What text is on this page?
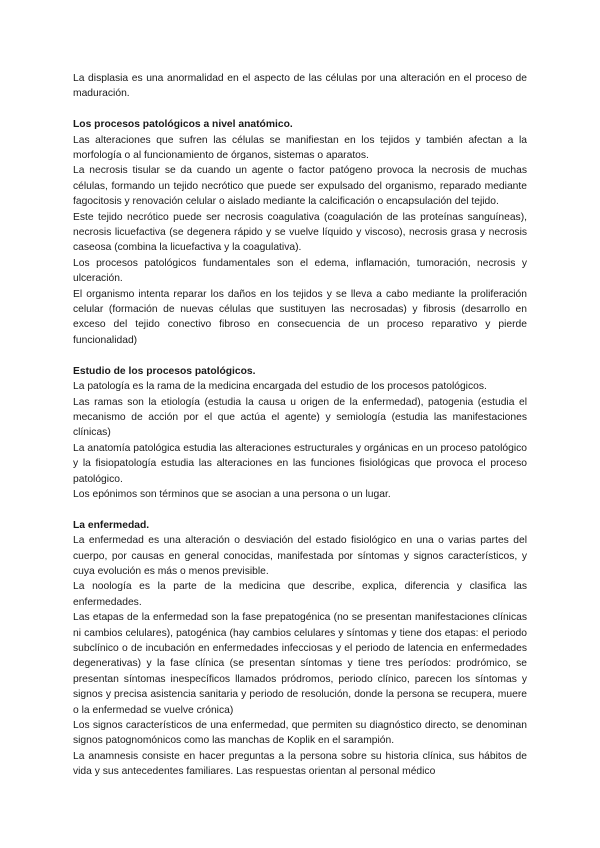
La displasia es una anormalidad en el aspecto de las células por una alteración en el proceso de maduración.

Los procesos patológicos a nivel anatómico.

Las alteraciones que sufren las células se manifiestan en los tejidos y también afectan a la morfología o al funcionamiento de órganos, sistemas o aparatos.

La necrosis tisular se da cuando un agente o factor patógeno provoca la necrosis de muchas células, formando un tejido necrótico que puede ser expulsado del organismo, reparado mediante fagocitosis y renovación celular o aislado mediante la calcificación o encapsulación del tejido.

Este tejido necrótico puede ser necrosis coagulativa (coagulación de las proteínas sanguíneas), necrosis licuefactiva (se degenera rápido y se vuelve líquido y viscoso), necrosis grasa y necrosis caseosa (combina la licuefactiva y la coagulativa).

Los procesos patológicos fundamentales son el edema, inflamación, tumoración, necrosis y ulceración.

El organismo intenta reparar los daños en los tejidos y se lleva a cabo mediante la proliferación celular (formación de nuevas células que sustituyen las necrosadas) y fibrosis (desarrollo en exceso del tejido conectivo fibroso en consecuencia de un proceso reparativo y pierde funcionalidad)

Estudio de los procesos patológicos.

La patología es la rama de la medicina encargada del estudio de los procesos patológicos.

Las ramas son la etiología (estudia la causa u origen de la enfermedad), patogenia (estudia el mecanismo de acción por el que actúa el agente) y semiología (estudia las manifestaciones clínicas)

La anatomía patológica estudia las alteraciones estructurales y orgánicas en un proceso patológico y la fisiopatología estudia las alteraciones en las funciones fisiológicas que provoca el proceso patológico.

Los epónimos son términos que se asocian a una persona o un lugar.

La enfermedad.

La enfermedad es una alteración o desviación del estado fisiológico en una o varias partes del cuerpo, por causas en general conocidas, manifestada por síntomas y signos característicos, y cuya evolución es más o menos previsible.

La noología es la parte de la medicina que describe, explica, diferencia y clasifica las enfermedades.

Las etapas de la enfermedad son la fase prepatogénica (no se presentan manifestaciones clínicas ni cambios celulares), patogénica (hay cambios celulares y síntomas y tiene dos etapas: el periodo subclínico o de incubación en enfermedades infecciosas y el periodo de latencia en enfermedades degenerativas) y la fase clínica (se presentan síntomas y tiene tres períodos: prodrómico, se presentan síntomas inespecíficos llamados pródromos, periodo clínico, parecen los síntomas y signos y precisa asistencia sanitaria y periodo de resolución, donde la persona se recupera, muere o la enfermedad se vuelve crónica)

Los signos característicos de una enfermedad, que permiten su diagnóstico directo, se denominan signos patognomónicos como las manchas de Koplik en el sarampión.

La anamnesis consiste en hacer preguntas a la persona sobre su historia clínica, sus hábitos de vida y sus antecedentes familiares. Las respuestas orientan al personal médico
